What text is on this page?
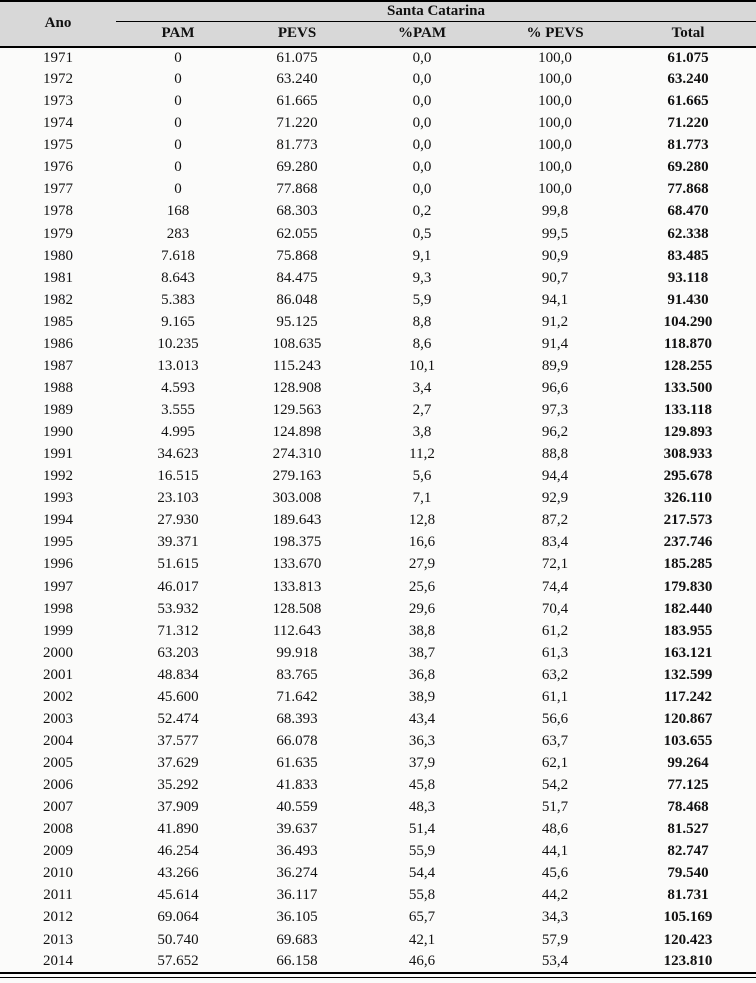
Ano	Santa Catarina				
	PAM	PEVS	%PAM	% PEVS	Total
1971	0	61.075	0,0	100,0	61.075
1972	0	63.240	0,0	100,0	63.240
1973	0	61.665	0,0	100,0	61.665
1974	0	71.220	0,0	100,0	71.220
1975	0	81.773	0,0	100,0	81.773
1976	0	69.280	0,0	100,0	69.280
1977	0	77.868	0,0	100,0	77.868
1978	168	68.303	0,2	99,8	68.470
1979	283	62.055	0,5	99,5	62.338
1980	7.618	75.868	9,1	90,9	83.485
1981	8.643	84.475	9,3	90,7	93.118
1982	5.383	86.048	5,9	94,1	91.430
1985	9.165	95.125	8,8	91,2	104.290
1986	10.235	108.635	8,6	91,4	118.870
1987	13.013	115.243	10,1	89,9	128.255
1988	4.593	128.908	3,4	96,6	133.500
1989	3.555	129.563	2,7	97,3	133.118
1990	4.995	124.898	3,8	96,2	129.893
1991	34.623	274.310	11,2	88,8	308.933
1992	16.515	279.163	5,6	94,4	295.678
1993	23.103	303.008	7,1	92,9	326.110
1994	27.930	189.643	12,8	87,2	217.573
1995	39.371	198.375	16,6	83,4	237.746
1996	51.615	133.670	27,9	72,1	185.285
1997	46.017	133.813	25,6	74,4	179.830
1998	53.932	128.508	29,6	70,4	182.440
1999	71.312	112.643	38,8	61,2	183.955
2000	63.203	99.918	38,7	61,3	163.121
2001	48.834	83.765	36,8	63,2	132.599
2002	45.600	71.642	38,9	61,1	117.242
2003	52.474	68.393	43,4	56,6	120.867
2004	37.577	66.078	36,3	63,7	103.655
2005	37.629	61.635	37,9	62,1	99.264
2006	35.292	41.833	45,8	54,2	77.125
2007	37.909	40.559	48,3	51,7	78.468
2008	41.890	39.637	51,4	48,6	81.527
2009	46.254	36.493	55,9	44,1	82.747
2010	43.266	36.274	54,4	45,6	79.540
2011	45.614	36.117	55,8	44,2	81.731
2012	69.064	36.105	65,7	34,3	105.169
2013	50.740	69.683	42,1	57,9	120.423
2014	57.652	66.158	46,6	53,4	123.810
